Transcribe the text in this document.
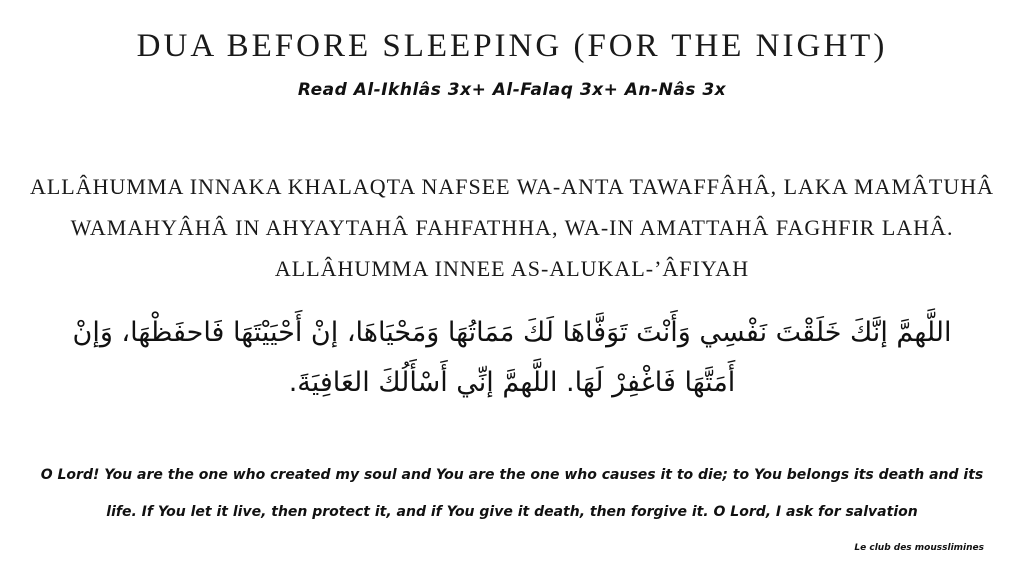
DUA BEFORE SLEEPING (FOR THE NIGHT)
Read Al-Ikhlâs 3x+ Al-Falaq 3x+ An-Nâs 3x
ALLÂHUMMA INNAKA KHALAQTA NAFSEE WA-ANTA TAWAFFÂHÂ, LAKA MAMÂTUHÂ WAMAHYÂHÂ IN AHYAYTAHÂ FAHFATHHA, WA-IN AMATTAHÂ FAGHFIR LAHÂ. ALLÂHUMMA INNEE AS-ALUKAL-’ÂFIYAH
اللَّهمَّ إنَّكَ خَلَقْتَ نَفْسِي وَأَنْتَ تَوَفَّاهَا لَكَ مَمَاتُهَا وَمَحْيَاهَا، إنْ أَحْيَيْتَهَا فَاحفَظْهَا، وَإنْ أَمَتَّهَا فَاغْفِرْ لَهَا. اللَّهمَّ إنِّي أَسْأَلُكَ العَافِيَةَ.
O Lord! You are the one who created my soul and You are the one who causes it to die; to You belongs its death and its life. If You let it live, then protect it, and if You give it death, then forgive it. O Lord, I ask for salvation
Le club des mousslimines
